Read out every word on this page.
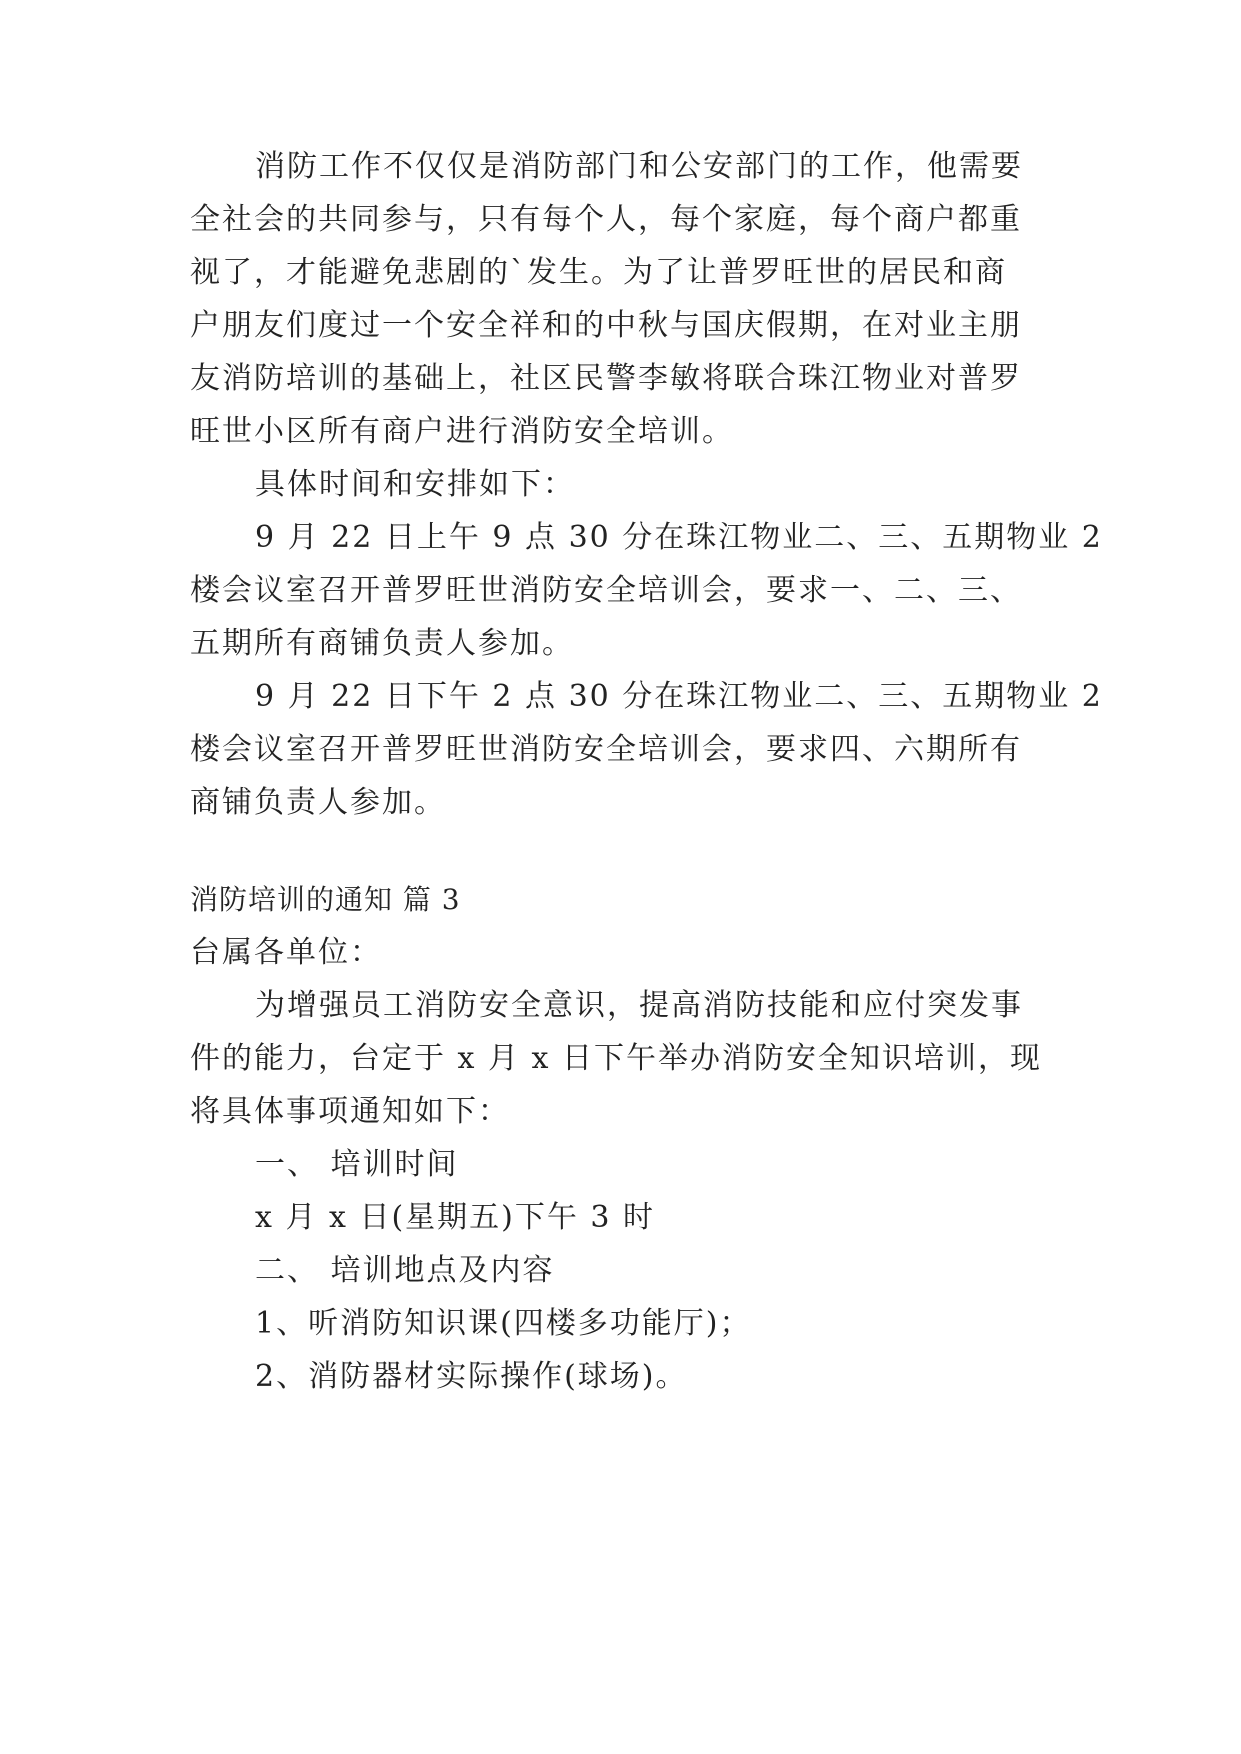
消防工作不仅仅是消防部门和公安部门的工作，他需要
全社会的共同参与，只有每个人，每个家庭，每个商户都重
视了，才能避免悲剧的`发生。为了让普罗旺世的居民和商
户朋友们度过一个安全祥和的中秋与国庆假期，在对业主朋
友消防培训的基础上，社区民警李敏将联合珠江物业对普罗
旺世小区所有商户进行消防安全培训。
具体时间和安排如下：
9 月 22 日上午 9 点 30 分在珠江物业二、三、五期物业 2
楼会议室召开普罗旺世消防安全培训会，要求一、二、三、
五期所有商铺负责人参加。
9 月 22 日下午 2 点 30 分在珠江物业二、三、五期物业 2
楼会议室召开普罗旺世消防安全培训会，要求四、六期所有
商铺负责人参加。
消防培训的通知 篇 3
台属各单位：
为增强员工消防安全意识，提高消防技能和应付突发事
件的能力，台定于 x 月 x 日下午举办消防安全知识培训，现
将具体事项通知如下：
一、 培训时间
x 月 x 日(星期五)下午 3 时
二、 培训地点及内容
1、听消防知识课(四楼多功能厅)；
2、消防器材实际操作(球场)。
